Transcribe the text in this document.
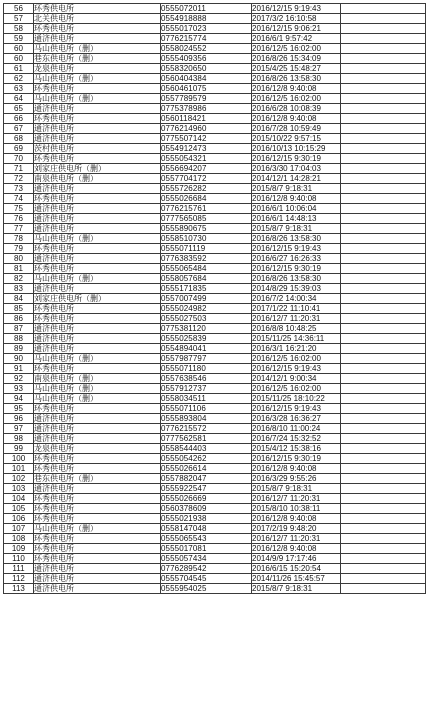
56	环秀供电所	0555072011	2016/12/15 9:19:43	
57	北关供电所	0554918888	2017/3/2 16:10:58	
58	环秀供电所	0555017023	2016/12/15 9:06:21	
59	通济供电所	0776215774	2016/6/1 9:57:42	
60	马山供电所（删）	0558024552	2016/12/5 16:02:00	
60	巷东供电所（删）	0555409356	2016/8/26 15:34:09	
61	龙泉供电所	0558320650	2015/4/25 15:48:27	
62	马山供电所（删）	0560404384	2016/8/26 13:58:30	
63	环秀供电所	0560461075	2016/12/8 9:40:08	
64	马山供电所（删）	0557789579	2016/12/5 16:02:00	
65	通济供电所	0775378986	2016/6/28 10:08:39	
66	环秀供电所	0560118421	2016/12/8 9:40:08	
67	通济供电所	0776214960	2016/7/28 10:59:49	
68	通济供电所	0775507142	2015/10/22 9:57:15	
69	茨村供电所	0554912473	2016/10/13 10:15:29	
70	环秀供电所	0555054321	2016/12/15 9:30:19	
71	刘家庄供电所（删）	0556694207	2016/3/30 17:04:03	
72	南泉供电所（删）	0557704172	2014/12/1 14:28:21	
73	通济供电所	0555726282	2015/8/7 9:18:31	
74	环秀供电所	0555026684	2016/12/8 9:40:08	
75	通济供电所	0776215761	2016/6/1 10:06:04	
76	通济供电所	0777565085	2016/6/1 14:48:13	
77	通济供电所	0555890675	2015/8/7 9:18:31	
78	马山供电所（删）	0558510730	2016/8/26 13:58:30	
79	环秀供电所	0555071119	2016/12/15 9:19:43	
80	通济供电所	0776383592	2016/6/27 16:26:33	
81	环秀供电所	0555065484	2016/12/15 9:30:19	
82	马山供电所（删）	0558057684	2016/8/26 13:58:30	
83	通济供电所	0555171835	2014/8/29 15:39:03	
84	刘家庄供电所（删）	0557007499	2016/7/2 14:00:34	
85	环秀供电所	0555024982	2017/1/22 11:10:41	
86	环秀供电所	0555027503	2016/12/7 11:20:31	
87	通济供电所	0775381120	2016/8/8 10:48:25	
88	通济供电所	0555025839	2015/11/25 14:36:11	
89	通济供电所	0554894041	2016/3/1 16:21:20	
90	马山供电所（删）	0557987797	2016/12/5 16:02:00	
91	环秀供电所	0555071180	2016/12/15 9:19:43	
92	南泉供电所（删）	0557638546	2014/12/1 9:00:34	
93	马山供电所（删）	0557912737	2016/12/5 16:02:00	
94	马山供电所（删）	0558034511	2015/11/25 18:10:22	
95	环秀供电所	0555071106	2016/12/15 9:19:43	
96	通济供电所	0555893804	2016/3/28 16:36:27	
97	通济供电所	0776215572	2016/8/10 11:00:24	
98	通济供电所	0777562581	2016/7/24 15:32:52	
99	龙泉供电所	0558544403	2015/4/12 15:38:16	
100	环秀供电所	0555054262	2016/12/15 9:30:19	
101	环秀供电所	0555026614	2016/12/8 9:40:08	
102	巷东供电所（删）	0557882047	2016/3/29 9:55:26	
103	通济供电所	0555922547	2015/8/7 9:18:31	
104	环秀供电所	0555026669	2016/12/7 11:20:31	
105	环秀供电所	0560378609	2015/8/10 10:38:11	
106	环秀供电所	0555021938	2016/12/8 9:40:08	
107	马山供电所（删）	0558147048	2017/2/19 9:48:20	
108	环秀供电所	0555065543	2016/12/7 11:20:31	
109	环秀供电所	0555017081	2016/12/8 9:40:08	
110	环秀供电所	0555057434	2014/9/9 17:17:46	
111	通济供电所	0776289542	2016/6/15 15:20:54	
112	通济供电所	0555704545	2014/11/26 15:45:57	
113	通济供电所	0555954025	2015/8/7 9:18:31	
